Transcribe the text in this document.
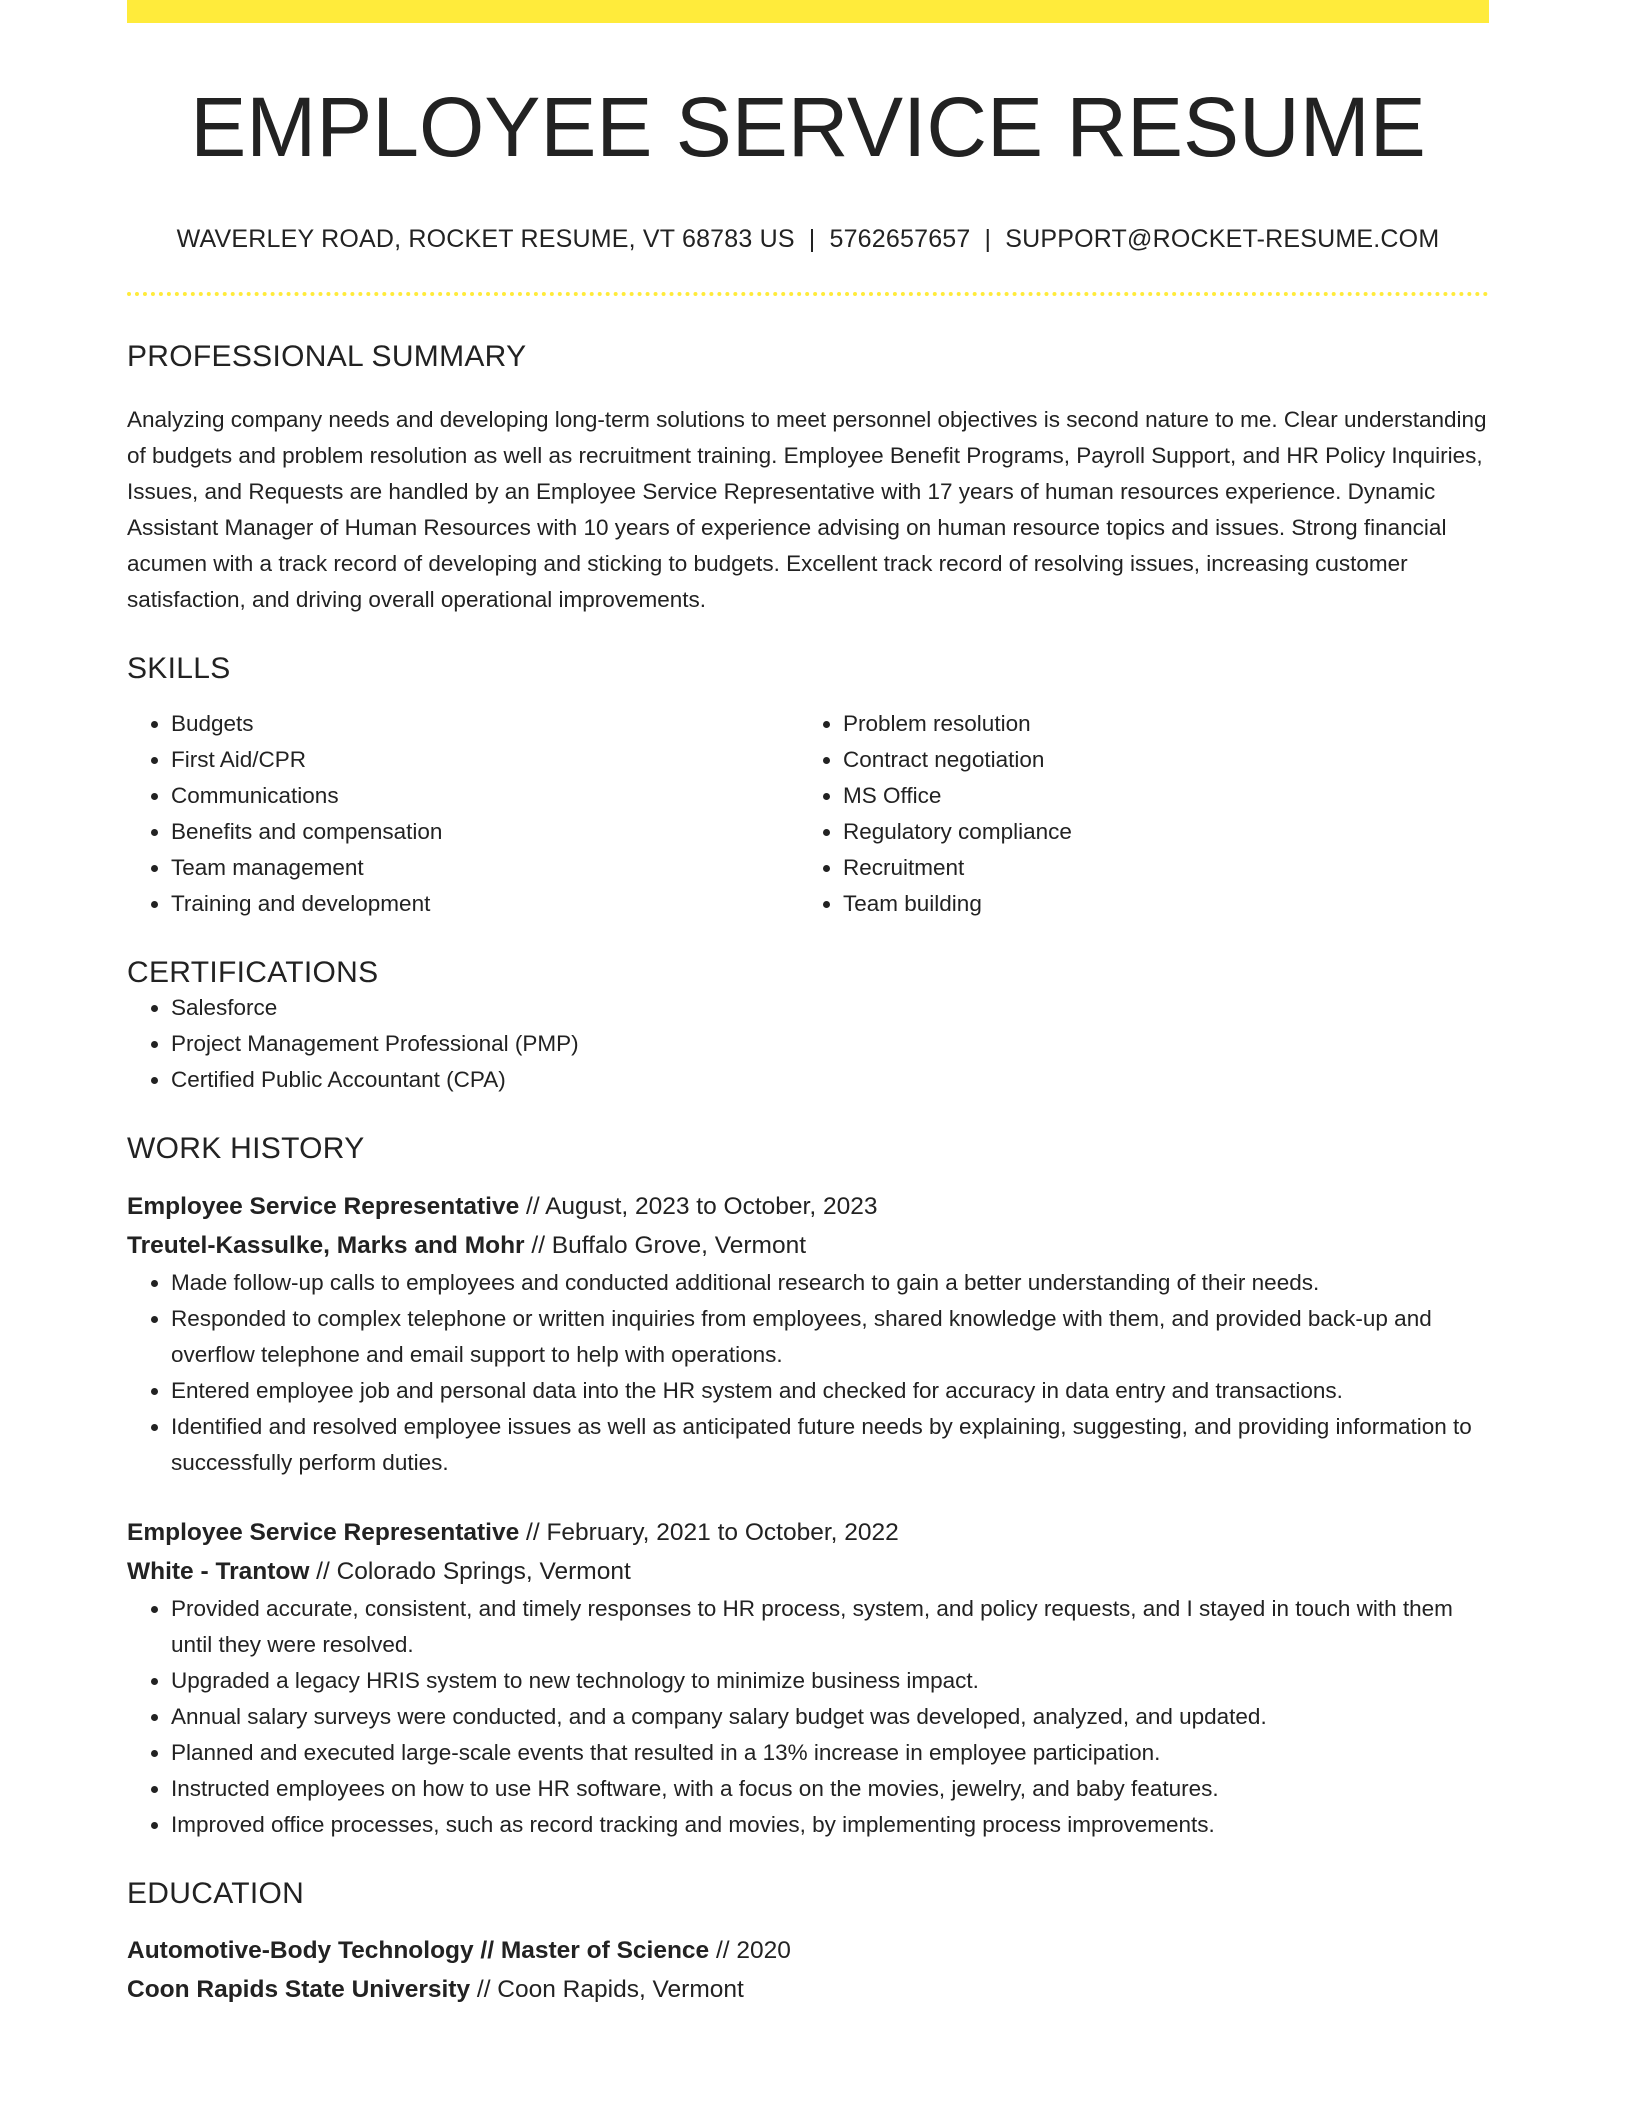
EMPLOYEE SERVICE RESUME
WAVERLEY ROAD, ROCKET RESUME, VT 68783 US | 5762657657 | SUPPORT@ROCKET-RESUME.COM
PROFESSIONAL SUMMARY

Analyzing company needs and developing long-term solutions to meet personnel objectives is second nature to me. Clear understanding of budgets and problem resolution as well as recruitment training. Employee Benefit Programs, Payroll Support, and HR Policy Inquiries, Issues, and Requests are handled by an Employee Service Representative with 17 years of human resources experience. Dynamic Assistant Manager of Human Resources with 10 years of experience advising on human resource topics and issues. Strong financial acumen with a track record of developing and sticking to budgets. Excellent track record of resolving issues, increasing customer satisfaction, and driving overall operational improvements.

SKILLS
• Budgets
• First Aid/CPR
• Communications
• Benefits and compensation
• Team management
• Training and development
• Problem resolution
• Contract negotiation
• MS Office
• Regulatory compliance
• Recruitment
• Team building
CERTIFICATIONS
• Salesforce
• Project Management Professional (PMP)
• Certified Public Accountant (CPA)
WORK HISTORY
Employee Service Representative // August, 2023 to October, 2023
Treutel-Kassulke, Marks and Mohr // Buffalo Grove, Vermont
• Made follow-up calls to employees and conducted additional research to gain a better understanding of their needs.
• Responded to complex telephone or written inquiries from employees, shared knowledge with them, and provided back-up and overflow telephone and email support to help with operations.
• Entered employee job and personal data into the HR system and checked for accuracy in data entry and transactions.
• Identified and resolved employee issues as well as anticipated future needs by explaining, suggesting, and providing information to successfully perform duties.
Employee Service Representative // February, 2021 to October, 2022
White - Trantow // Colorado Springs, Vermont
• Provided accurate, consistent, and timely responses to HR process, system, and policy requests, and I stayed in touch with them until they were resolved.
• Upgraded a legacy HRIS system to new technology to minimize business impact.
• Annual salary surveys were conducted, and a company salary budget was developed, analyzed, and updated.
• Planned and executed large-scale events that resulted in a 13% increase in employee participation.
• Instructed employees on how to use HR software, with a focus on the movies, jewelry, and baby features.
• Improved office processes, such as record tracking and movies, by implementing process improvements.
EDUCATION
Automotive-Body Technology // Master of Science // 2020
Coon Rapids State University // Coon Rapids, Vermont
